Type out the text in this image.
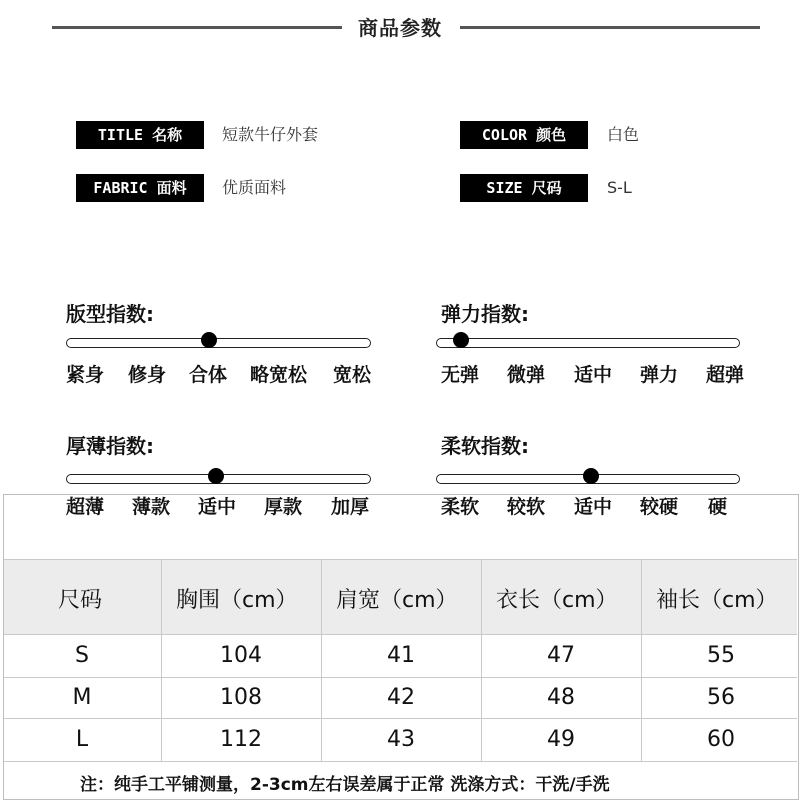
商品参数
TITLE 名称	短款牛仔外套	COLOR 颜色	白色
FABRIC 面料	优质面料	SIZE 尺码	S-L
版型指数:
紧身 修身 合体 略宽松 宽松
弹力指数:
无弹 微弹 适中 弹力 超弹
厚薄指数:
超薄 薄款 适中 厚款 加厚
柔软指数:
柔软 较软 适中 较硬 硬
尺码	胸围（cm） 肩宽（cm） 衣长（cm） 袖长（cm）
S	104	41	47	55
M	108	42	48	56
L	112	43	49	60
注：纯手工平铺测量，2-3cm左右误差属于正常 洗涤方式：干洗/手洗
